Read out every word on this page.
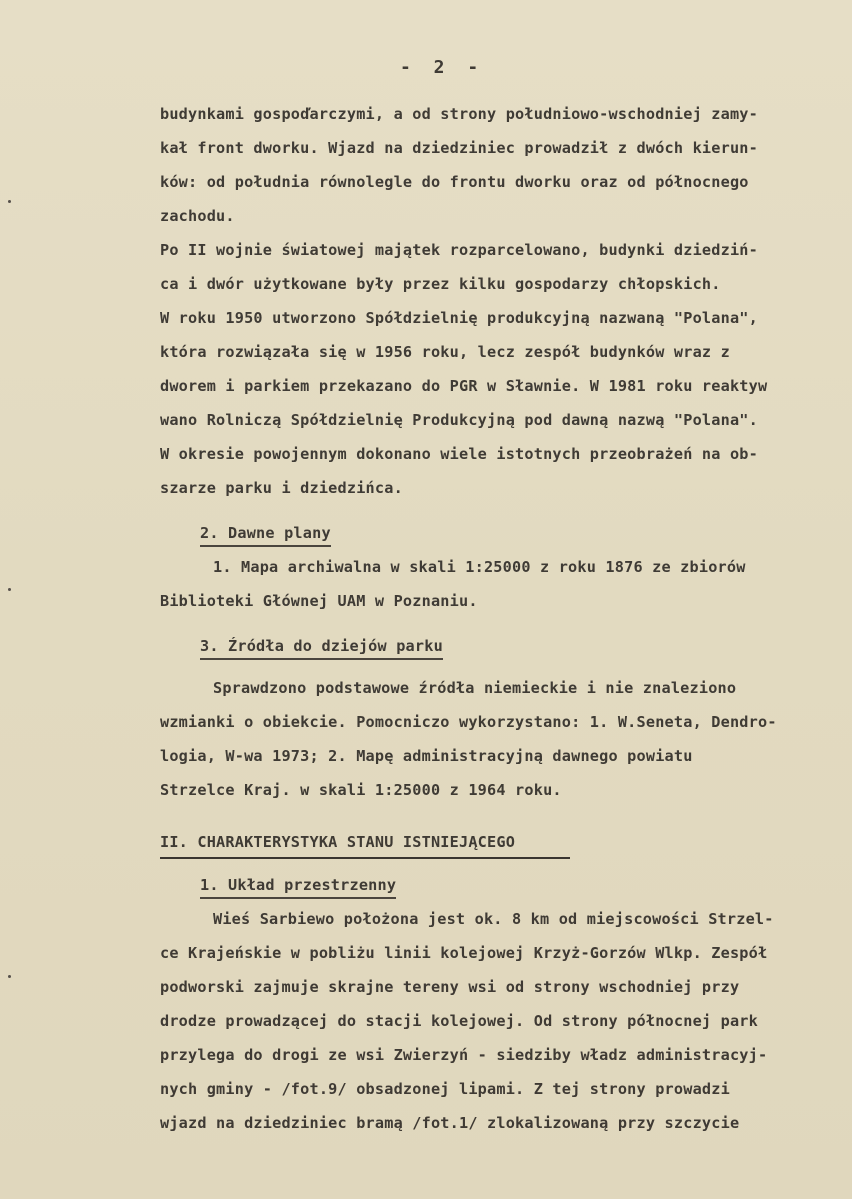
- 2 -
budynkami gospoďarczymi, a od strony południowo-wschodniej zamy-
kał front dworku. Wjazd na dziedziniec prowadził z dwóch kierun-
ków: od południa równolegle do frontu dworku oraz od północnego
zachodu.
Po II wojnie światowej majątek rozparcelowano, budynki dziedziń-
ca i dwór użytkowane były przez kilku gospodarzy chłopskich.
W roku 1950 utworzono Spółdzielnię produkcyjną nazwaną "Polana",
która rozwiązała się w 1956 roku, lecz zespół budynków wraz z
dworem i parkiem przekazano do PGR w Sławnie. W 1981 roku reaktyw
wano Rolniczą Spółdzielnię Produkcyjną pod dawną nazwą "Polana".
W okresie powojennym dokonano wiele istotnych przeobrażeń na ob-
szarze parku i dziedzińca.
2. Dawne plany
1. Mapa archiwalna w skali 1:25000 z roku 1876 ze zbiorów
Biblioteki Głównej UAM w Poznaniu.
3. Źródła do dziejów parku
Sprawdzono podstawowe źródła niemieckie i nie znaleziono
wzmianki o obiekcie. Pomocniczo wykorzystano: 1. W.Seneta, Dendro-
logia, W-wa 1973; 2. Mapę administracyjną dawnego powiatu
Strzelce Kraj. w skali 1:25000 z 1964 roku.
II. CHARAKTERYSTYKA STANU ISTNIEJĄCEGO
1. Układ przestrzenny
Wieś Sarbiewo położona jest ok. 8 km od miejscowości Strzel-
ce Krajeńskie w pobliżu linii kolejowej Krzyż-Gorzów Wlkp. Zespół
podworski zajmuje skrajne tereny wsi od strony wschodniej przy
drodze prowadzącej do stacji kolejowej. Od strony północnej park
przylega do drogi ze wsi Zwierzyń - siedziby władz administracyj-
nych gminy - /fot.9/ obsadzonej lipami. Z tej strony prowadzi
wjazd na dziedziniec bramą /fot.1/ zlokalizowaną przy szczycie
